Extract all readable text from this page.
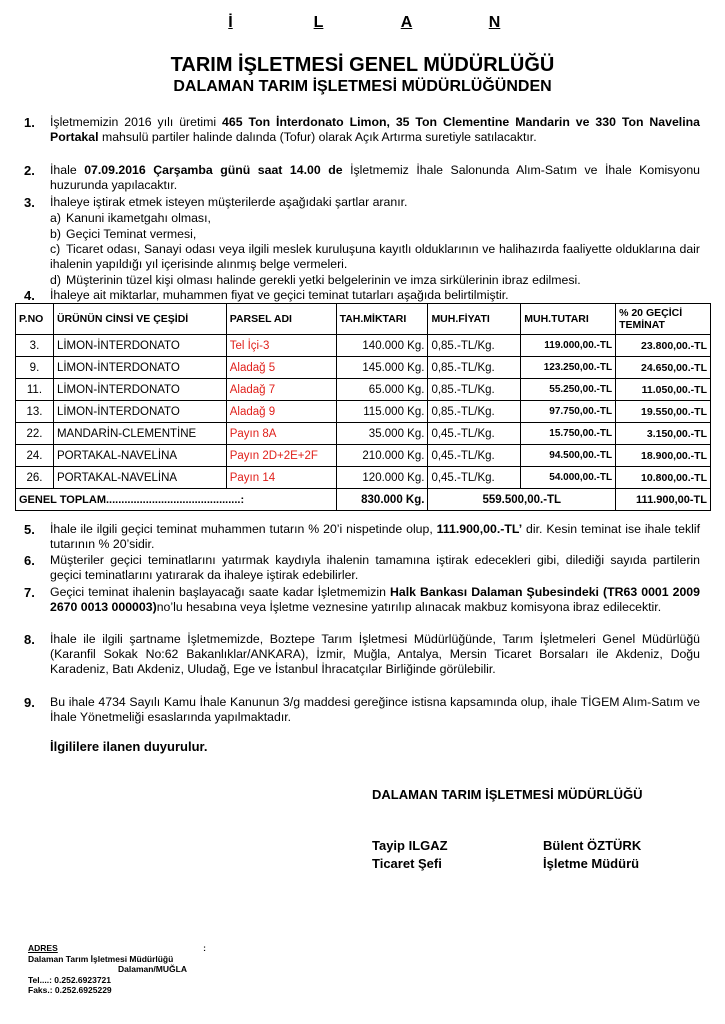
İ	L	A	N
TARIM İŞLETMESİ GENEL MÜDÜRLÜĞÜ
DALAMAN TARIM İŞLETMESİ MÜDÜRLÜĞÜNDEN
1.	İşletmemizin 2016 yılı üretimi 465 Ton İnterdonato Limon, 35 Ton Clementine Mandarin ve 330 Ton Navelina Portakal mahsulü partiler halinde dalında (Tofur) olarak Açık Artırma suretiyle satılacaktır.
2.	İhale 07.09.2016 Çarşamba günü saat 14.00 de İşletmemiz İhale Salonunda Alım-Satım ve İhale Komisyonu huzurunda yapılacaktır.
3.	İhaleye iştirak etmek isteyen müşterilerde aşağıdaki şartlar aranır.
a) Kanuni ikametgahı olması,
b) Geçici Teminat vermesi,
c) Ticaret odası, Sanayi odası veya ilgili meslek kuruluşuna kayıtlı olduklarının ve halihazırda faaliyette olduklarına dair ihalenin yapıldığı yıl içerisinde alınmış belge vermeleri.
d) Müşterinin tüzel kişi olması halinde gerekli yetki belgelerinin ve imza sirkülerinin ibraz edilmesi.
4.	İhaleye ait miktarlar, muhammen fiyat ve geçici teminat tutarları aşağıda belirtilmiştir.
P.NO	ÜRÜNÜN CİNSİ VE ÇEŞİDİ	PARSEL ADI	TAH.MİKTARI	MUH.FİYATI	MUH.TUTARI	% 20 GEÇİCİ TEMİNAT
3.	LİMON-İNTERDONATO	Tel İçi-3	140.000 Kg.	0,85.-TL/Kg.	119.000,00.-TL	23.800,00.-TL
9.	LİMON-İNTERDONATO	Aladağ 5	145.000 Kg.	0,85.-TL/Kg.	123.250,00.-TL	24.650,00.-TL
11.	LİMON-İNTERDONATO	Aladağ 7	65.000 Kg.	0,85.-TL/Kg.	55.250,00.-TL	11.050,00.-TL
13.	LİMON-İNTERDONATO	Aladağ 9	115.000 Kg.	0,85.-TL/Kg.	97.750,00.-TL	19.550,00.-TL
22.	MANDARİN-CLEMENTİNE	Payın 8A	35.000 Kg.	0,45.-TL/Kg.	15.750,00.-TL	3.150,00.-TL
24.	PORTAKAL-NAVELİNA	Payın 2D+2E+2F	210.000 Kg.	0,45.-TL/Kg.	94.500,00.-TL	18.900,00.-TL
26.	PORTAKAL-NAVELİNA	Payın 14	120.000 Kg.	0,45.-TL/Kg.	54.000,00.-TL	10.800,00.-TL
GENEL TOPLAM............................................:			830.000 Kg.	559.500,00.-TL		111.900,00-TL
5.	İhale ile ilgili geçici teminat muhammen tutarın % 20’i nispetinde olup, 111.900,00.-TL’ dir. Kesin teminat ise ihale teklif tutarının % 20’sidir.
6.	Müşteriler geçici teminatlarını yatırmak kaydıyla ihalenin tamamına iştirak edecekleri gibi, dilediği sayıda partilerin geçici teminatlarını yatırarak da ihaleye iştirak edebilirler.
7.	Geçici teminat ihalenin başlayacağı saate kadar İşletmemizin Halk Bankası Dalaman Şubesindeki (TR63 0001 2009 2670 0013 000003)no’lu hesabına veya İşletme veznesine yatırılıp alınacak makbuz komisyona ibraz edilecektir.
8.	İhale ile ilgili şartname İşletmemizde, Boztepe Tarım İşletmesi Müdürlüğünde, Tarım İşletmeleri Genel Müdürlüğü (Karanfil Sokak No:62 Bakanlıklar/ANKARA), İzmir, Muğla, Antalya, Mersin Ticaret Borsaları ile Akdeniz, Doğu Karadeniz, Batı Akdeniz, Uludağ, Ege ve İstanbul İhracatçılar Birliğinde görülebilir.
9.	Bu ihale 4734 Sayılı Kamu İhale Kanunun 3/g maddesi gereğince istisna kapsamında olup, ihale TİGEM Alım-Satım ve İhale Yönetmeliği esaslarında yapılmaktadır.
İlgililere ilanen duyurulur.
DALAMAN TARIM İŞLETMESİ MÜDÜRLÜĞÜ
Tayip ILGAZ
Ticaret Şefi
Bülent ÖZTÜRK
İşletme Müdürü
ADRES	:
Dalaman Tarım İşletmesi Müdürlüğü
Dalaman/MUĞLA
Tel....: 0.252.6923721
Faks.: 0.252.6925229
